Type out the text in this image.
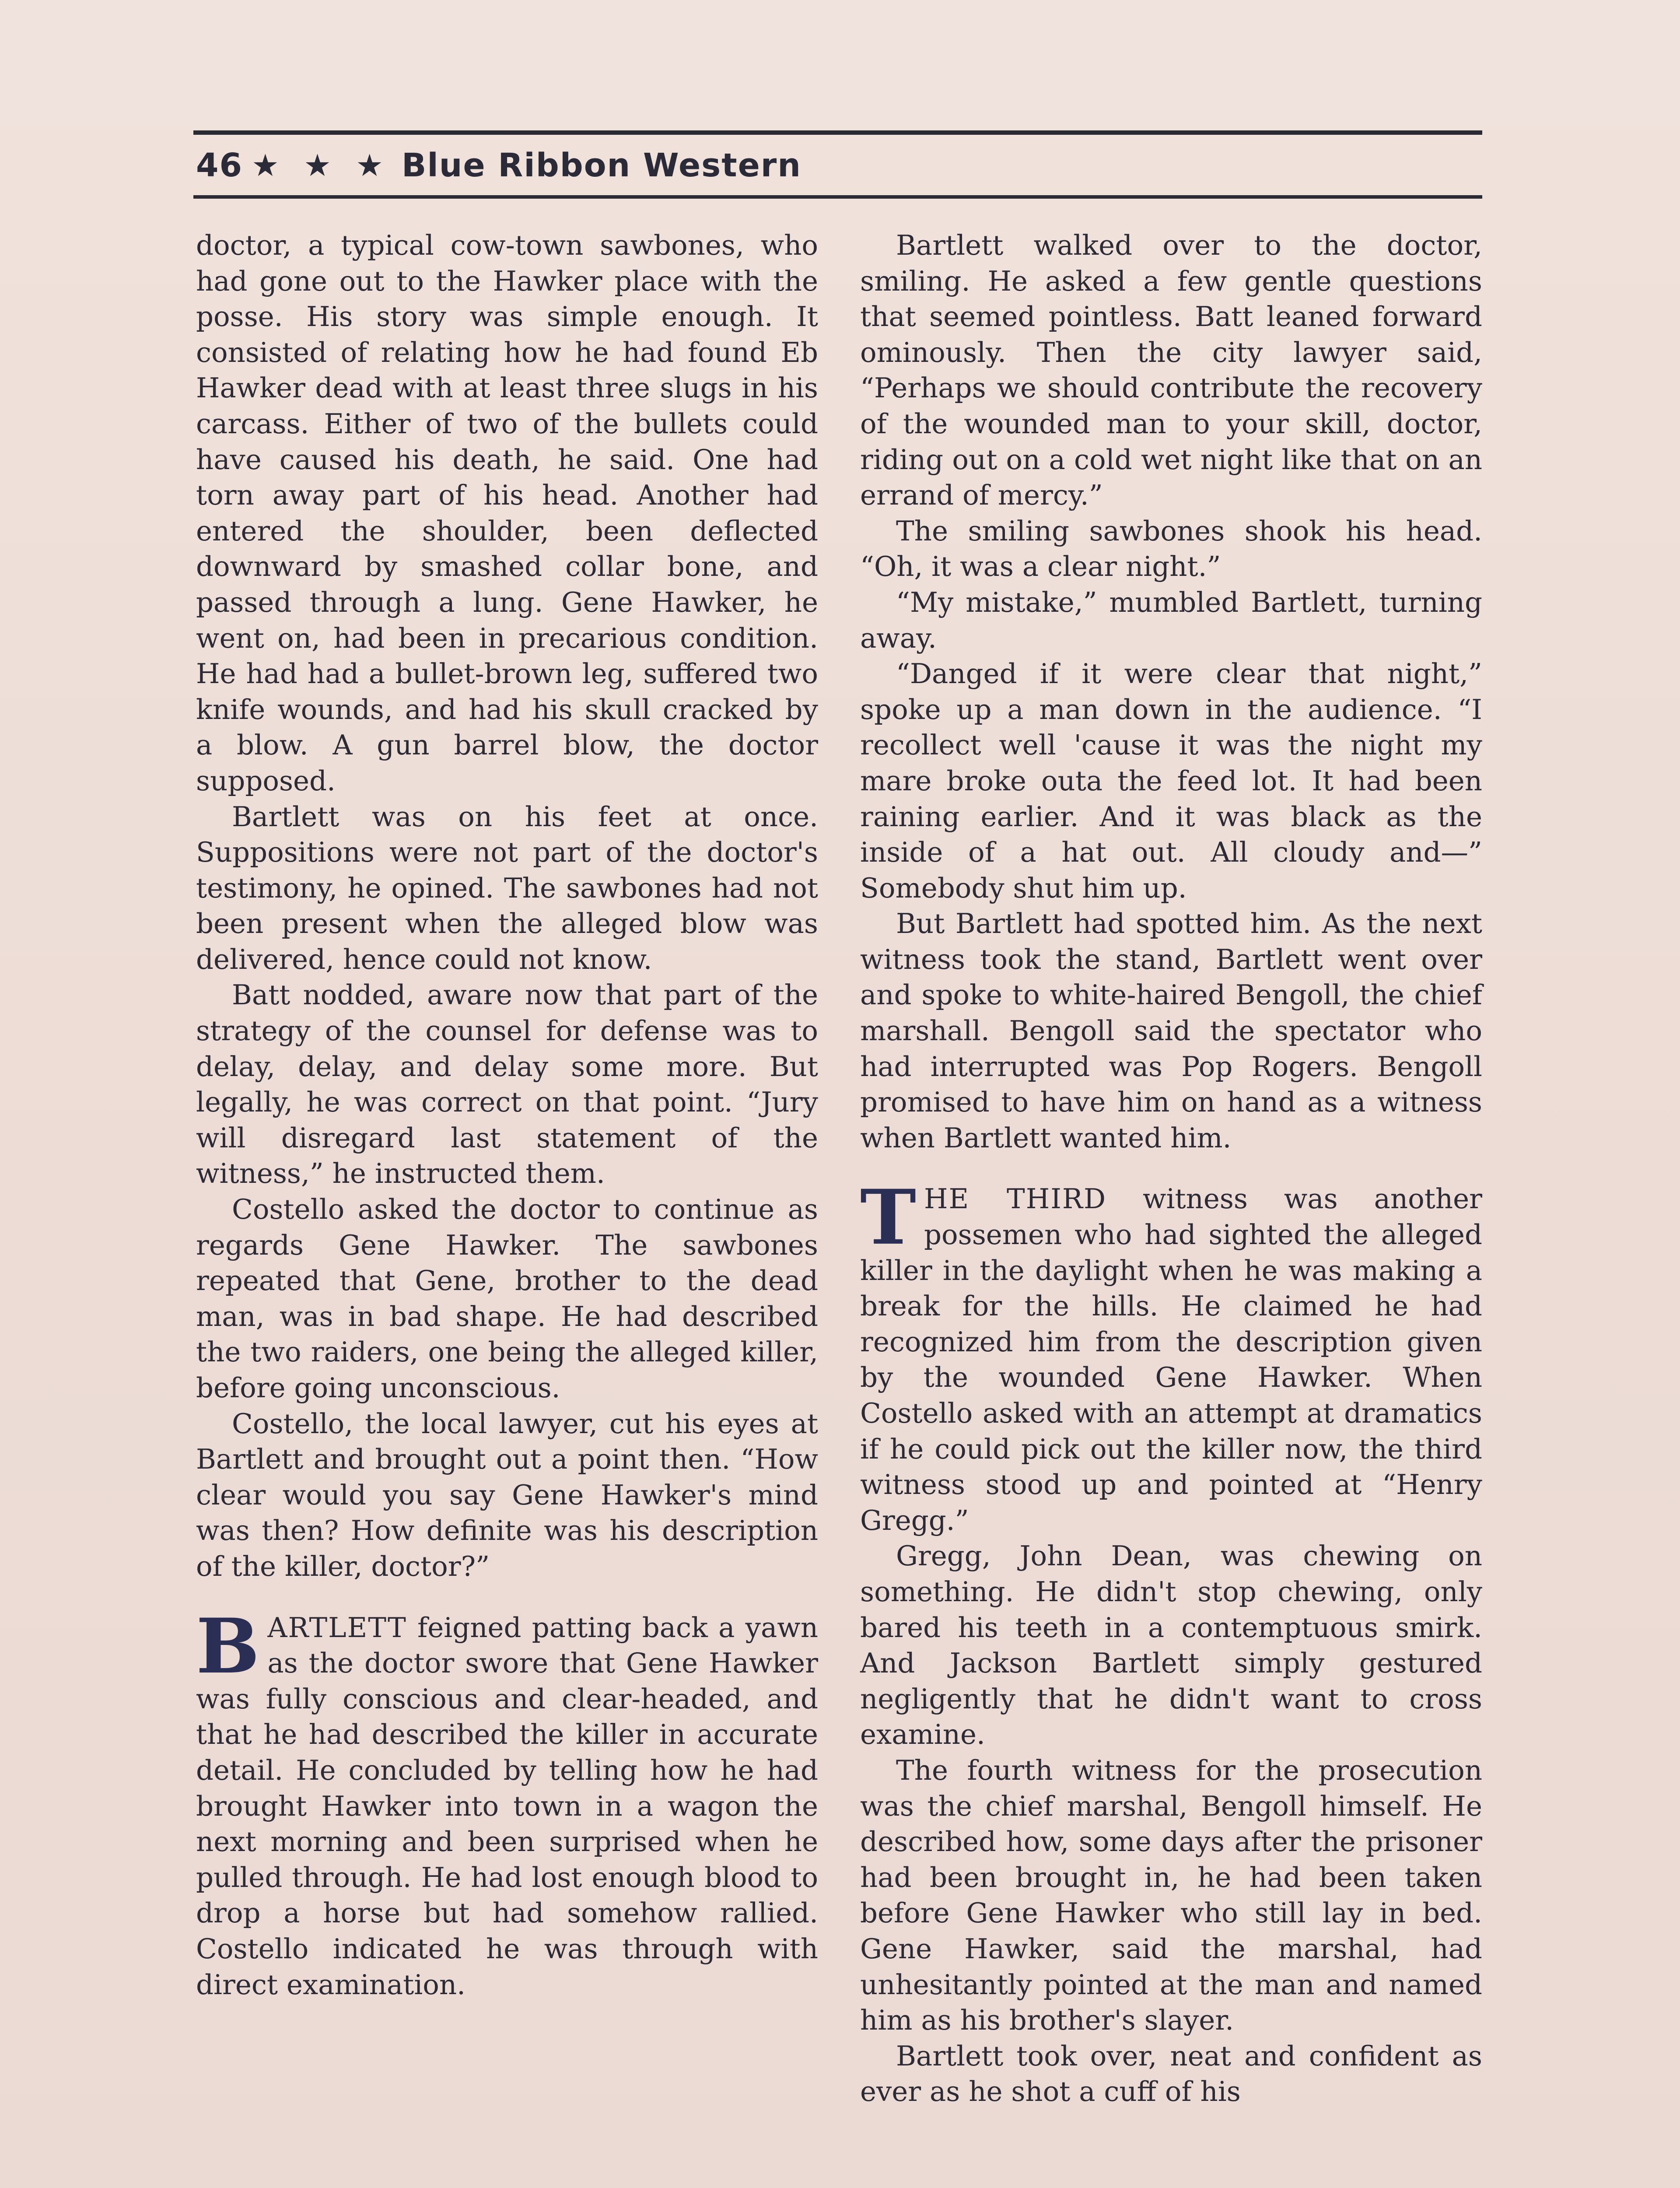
46 ★ ★ ★ Blue Ribbon Western

doctor, a typical cow-town sawbones, who had gone out to the Hawker place with the posse. His story was simple enough. It consisted of relating how he had found Eb Hawker dead with at least three slugs in his carcass. Either of two of the bullets could have caused his death, he said. One had torn away part of his head. Another had entered the shoulder, been deflected downward by smashed collar bone, and passed through a lung. Gene Hawker, he went on, had been in precarious condition. He had had a bullet-brown leg, suffered two knife wounds, and had his skull cracked by a blow. A gun barrel blow, the doctor supposed.

Bartlett was on his feet at once. Suppositions were not part of the doctor's testimony, he opined. The sawbones had not been present when the alleged blow was delivered, hence could not know.

Batt nodded, aware now that part of the strategy of the counsel for defense was to delay, delay, and delay some more. But legally, he was correct on that point. “Jury will disregard last statement of the witness,” he instructed them.

Costello asked the doctor to continue as regards Gene Hawker. The sawbones repeated that Gene, brother to the dead man, was in bad shape. He had described the two raiders, one being the alleged killer, before going unconscious.

Costello, the local lawyer, cut his eyes at Bartlett and brought out a point then. “How clear would you say Gene Hawker's mind was then? How definite was his description of the killer, doctor?”

BARTLETT feigned patting back a yawn as the doctor swore that Gene Hawker was fully conscious and clear-headed, and that he had described the killer in accurate detail. He concluded by telling how he had brought Hawker into town in a wagon the next morning and been surprised when he pulled through. He had lost enough blood to drop a horse but had somehow rallied. Costello indicated he was through with direct examination.

Bartlett walked over to the doctor, smiling. He asked a few gentle questions that seemed pointless. Batt leaned forward ominously. Then the city lawyer said, “Perhaps we should contribute the recovery of the wounded man to your skill, doctor, riding out on a cold wet night like that on an errand of mercy.”

The smiling sawbones shook his head. “Oh, it was a clear night.”

“My mistake,” mumbled Bartlett, turning away.

“Danged if it were clear that night,” spoke up a man down in the audience. “I recollect well 'cause it was the night my mare broke outa the feed lot. It had been raining earlier. And it was black as the inside of a hat out. All cloudy and—” Somebody shut him up.

But Bartlett had spotted him. As the next witness took the stand, Bartlett went over and spoke to white-haired Bengoll, the chief marshall. Bengoll said the spectator who had interrupted was Pop Rogers. Bengoll promised to have him on hand as a witness when Bartlett wanted him.

THE THIRD witness was another possemen who had sighted the alleged killer in the daylight when he was making a break for the hills. He claimed he had recognized him from the description given by the wounded Gene Hawker. When Costello asked with an attempt at dramatics if he could pick out the killer now, the third witness stood up and pointed at “Henry Gregg.”

Gregg, John Dean, was chewing on something. He didn't stop chewing, only bared his teeth in a contemptuous smirk. And Jackson Bartlett simply gestured negligently that he didn't want to cross examine.

The fourth witness for the prosecution was the chief marshal, Bengoll himself. He described how, some days after the prisoner had been brought in, he had been taken before Gene Hawker who still lay in bed. Gene Hawker, said the marshal, had unhesitantly pointed at the man and named him as his brother's slayer.

Bartlett took over, neat and confident as ever as he shot a cuff of his
